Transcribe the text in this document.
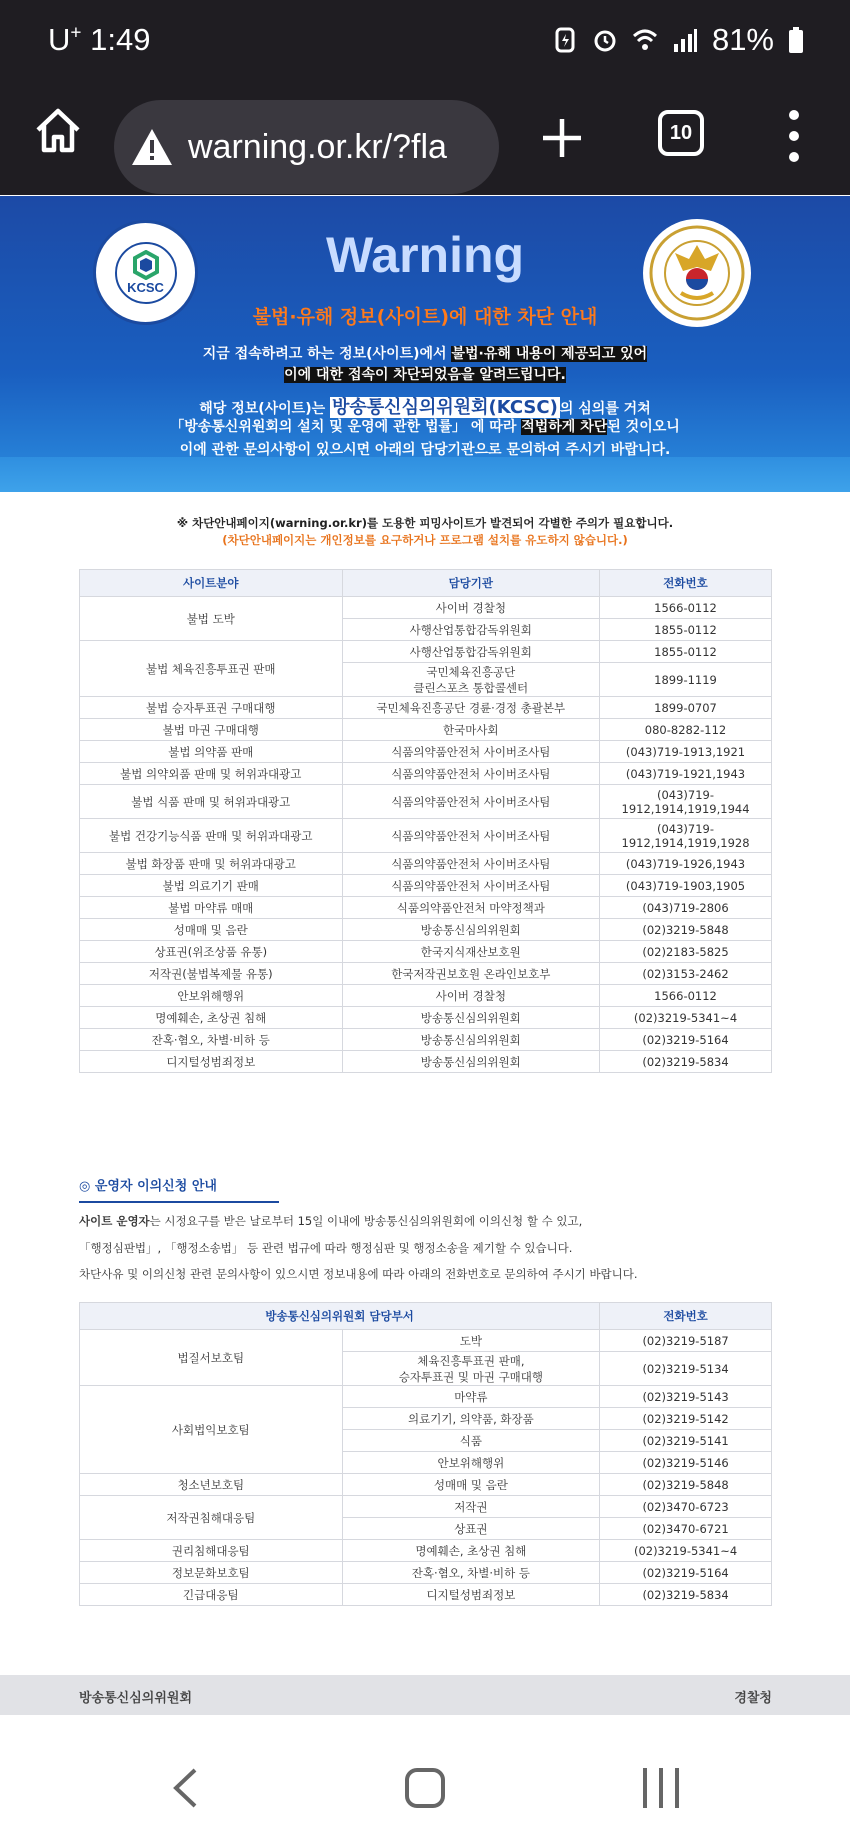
U+ 1:49	81%
warning.or.kr/?fla	10
KCSC
Warning
불법·유해 정보(사이트)에 대한 차단 안내
지금 접속하려고 하는 정보(사이트)에서 불법·유해 내용이 제공되고 있어
이에 대한 접속이 차단되었음을 알려드립니다.
해당 정보(사이트)는 방송통신심의위원회(KCSC) 의 심의를 거쳐
「방송통신위원회의 설치 및 운영에 관한 법률」 에 따라 적법하게 차단된 것이오니
이에 관한 문의사항이 있으시면 아래의 담당기관으로 문의하여 주시기 바랍니다.
※ 차단안내페이지(warning.or.kr)를 도용한 피밍사이트가 발견되어 각별한 주의가 필요합니다.
(차단안내페이지는 개인정보를 요구하거나 프로그램 설치를 유도하지 않습니다.)
사이트분야	담당기관	전화번호
불법 도박	사이버 경찰청	1566-0112
	사행산업통합감독위원회	1855-0112
불법 체육진흥투표권 판매	사행산업통합감독위원회	1855-0112
	국민체육진흥공단
클린스포츠 통합콜센터	1899-1119
불법 승자투표권 구매대행	국민체육진흥공단 경륜·경정 총괄본부	1899-0707
불법 마권 구매대행	한국마사회	080-8282-112
불법 의약품 판매	식품의약품안전처 사이버조사팀	(043)719-1913,1921
불법 의약외품 판매 및 허위과대광고	식품의약품안전처 사이버조사팀	(043)719-1921,1943
불법 식품 판매 및 허위과대광고	식품의약품안전처 사이버조사팀	(043)719-
1912,1914,1919,1944
불법 건강기능식품 판매 및 허위과대광고	식품의약품안전처 사이버조사팀	(043)719-
1912,1914,1919,1928
불법 화장품 판매 및 허위과대광고	식품의약품안전처 사이버조사팀	(043)719-1926,1943
불법 의료기기 판매	식품의약품안전처 사이버조사팀	(043)719-1903,1905
불법 마약류 매매	식품의약품안전처 마약정책과	(043)719-2806
성매매 및 음란	방송통신심의위원회	(02)3219-5848
상표권(위조상품 유통)	한국지식재산보호원	(02)2183-5825
저작권(불법복제물 유통)	한국저작권보호원 온라인보호부	(02)3153-2462
안보위해행위	사이버 경찰청	1566-0112
명예훼손, 초상권 침해	방송통신심의위원회	(02)3219-5341~4
잔혹·혐오, 차별·비하 등	방송통신심의위원회	(02)3219-5164
디지털성범죄정보	방송통신심의위원회	(02)3219-5834
◎ 운영자 이의신청 안내
사이트 운영자는 시정요구를 받은 날로부터 15일 이내에 방송통신심의위원회에 이의신청 할 수 있고,
「행정심판법」, 「행정소송법」 등 관련 법규에 따라 행정심판 및 행정소송을 제기할 수 있습니다.
차단사유 및 이의신청 관련 문의사항이 있으시면 정보내용에 따라 아래의 전화번호로 문의하여 주시기 바랍니다.
방송통신심의위원회 담당부서		전화번호
법질서보호팀	도박	(02)3219-5187
	체육진흥투표권 판매,
승자투표권 및 마권 구매대행	(02)3219-5134
사회법익보호팀	마약류	(02)3219-5143
	의료기기, 의약품, 화장품	(02)3219-5142
	식품	(02)3219-5141
	안보위해행위	(02)3219-5146
청소년보호팀	성매매 및 음란	(02)3219-5848
저작권침해대응팀	저작권	(02)3470-6723
	상표권	(02)3470-6721
권리침해대응팀	명예훼손, 초상권 침해	(02)3219-5341~4
정보문화보호팀	잔혹·혐오, 차별·비하 등	(02)3219-5164
긴급대응팀	디지털성범죄정보	(02)3219-5834
방송통신심의위원회	경찰청
